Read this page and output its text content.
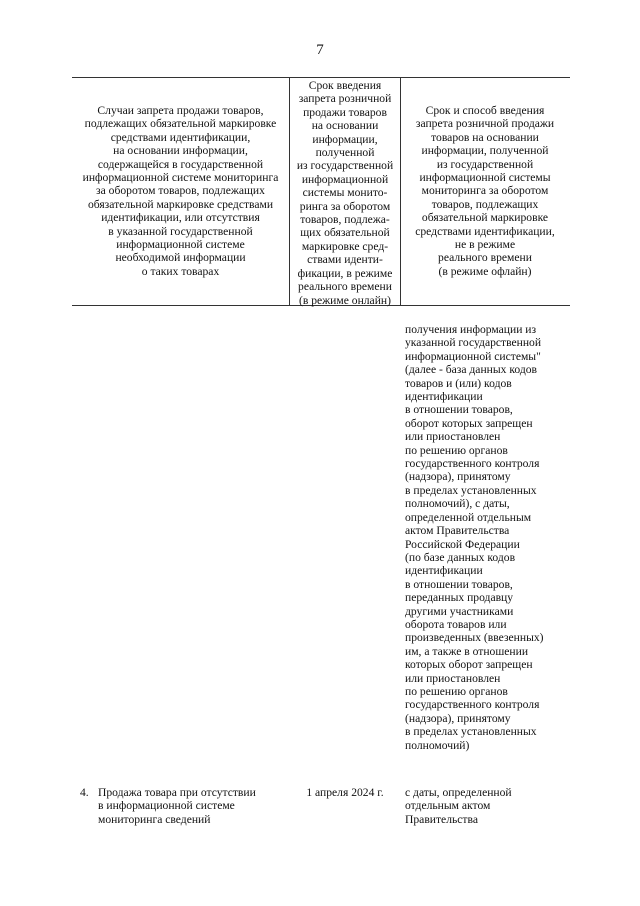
7
Случаи запрета продажи товаров,
подлежащих обязательной маркировке
средствами идентификации,
на основании информации,
содержащейся в государственной
информационной системе мониторинга
за оборотом товаров, подлежащих
обязательной маркировке средствами
идентификации, или отсутствия
в указанной государственной
информационной системе
необходимой информации
о таких товарах
Срок введения
запрета розничной
продажи товаров
на основании
информации,
полученной
из государственной
информационной
системы монито-
ринга за оборотом
товаров, подлежа-
щих обязательной
маркировке сред-
ствами иденти-
фикации, в режиме
реального времени
(в режиме онлайн)
Срок и способ введения
запрета розничной продажи
товаров на основании
информации, полученной
из государственной
информационной системы
мониторинга за оборотом
товаров, подлежащих
обязательной маркировке
средствами идентификации,
не в режиме
реального времени
(в режиме офлайн)
получения информации из
указанной государственной
информационной системы"
(далее - база данных кодов
товаров и (или) кодов
идентификации
в отношении товаров,
оборот которых запрещен
или приостановлен
по решению органов
государственного контроля
(надзора), принятому
в пределах установленных
полномочий), с даты,
определенной отдельным
актом Правительства
Российской Федерации
(по базе данных кодов
идентификации
в отношении товаров,
переданных продавцу
другими участниками
оборота товаров или
произведенных (ввезенных)
им, а также в отношении
которых оборот запрещен
или приостановлен
по решению органов
государственного контроля
(надзора), принятому
в пределах установленных
полномочий)
4. Продажа товара при отсутствии
в информационной системе
мониторинга сведений
1 апреля 2024 г.	с даты, определенной
отдельным актом
Правительства
